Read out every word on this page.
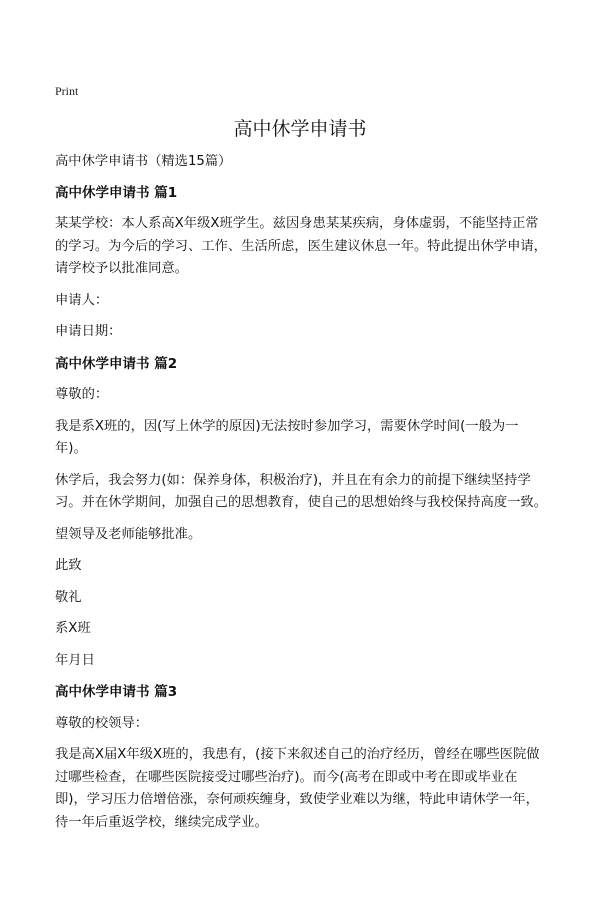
Print
高中休学申请书

高中休学申请书（精选15篇）

高中休学申请书 篇1

某某学校：本人系高X年级X班学生。兹因身患某某疾病，身体虚弱，不能坚持正常的学习。为今后的学习、工作、生活所虑，医生建议休息一年。特此提出休学申请，请学校予以批准同意。

申请人：

申请日期：

高中休学申请书 篇2

尊敬的：

我是系X班的，因(写上休学的原因)无法按时参加学习，需要休学时间(一般为一年)。

休学后，我会努力(如：保养身体，积极治疗)，并且在有余力的前提下继续坚持学习。并在休学期间，加强自己的思想教育，使自己的思想始终与我校保持高度一致。

望领导及老师能够批准。

此致

敬礼

系X班

年月日

高中休学申请书 篇3

尊敬的校领导：

我是高X届X年级X班的，我患有，(接下来叙述自己的治疗经历，曾经在哪些医院做过哪些检查，在哪些医院接受过哪些治疗)。而今(高考在即或中考在即或毕业在即)，学习压力倍增倍涨，奈何顽疾缠身，致使学业难以为继，特此申请休学一年，待一年后重返学校，继续完成学业。
